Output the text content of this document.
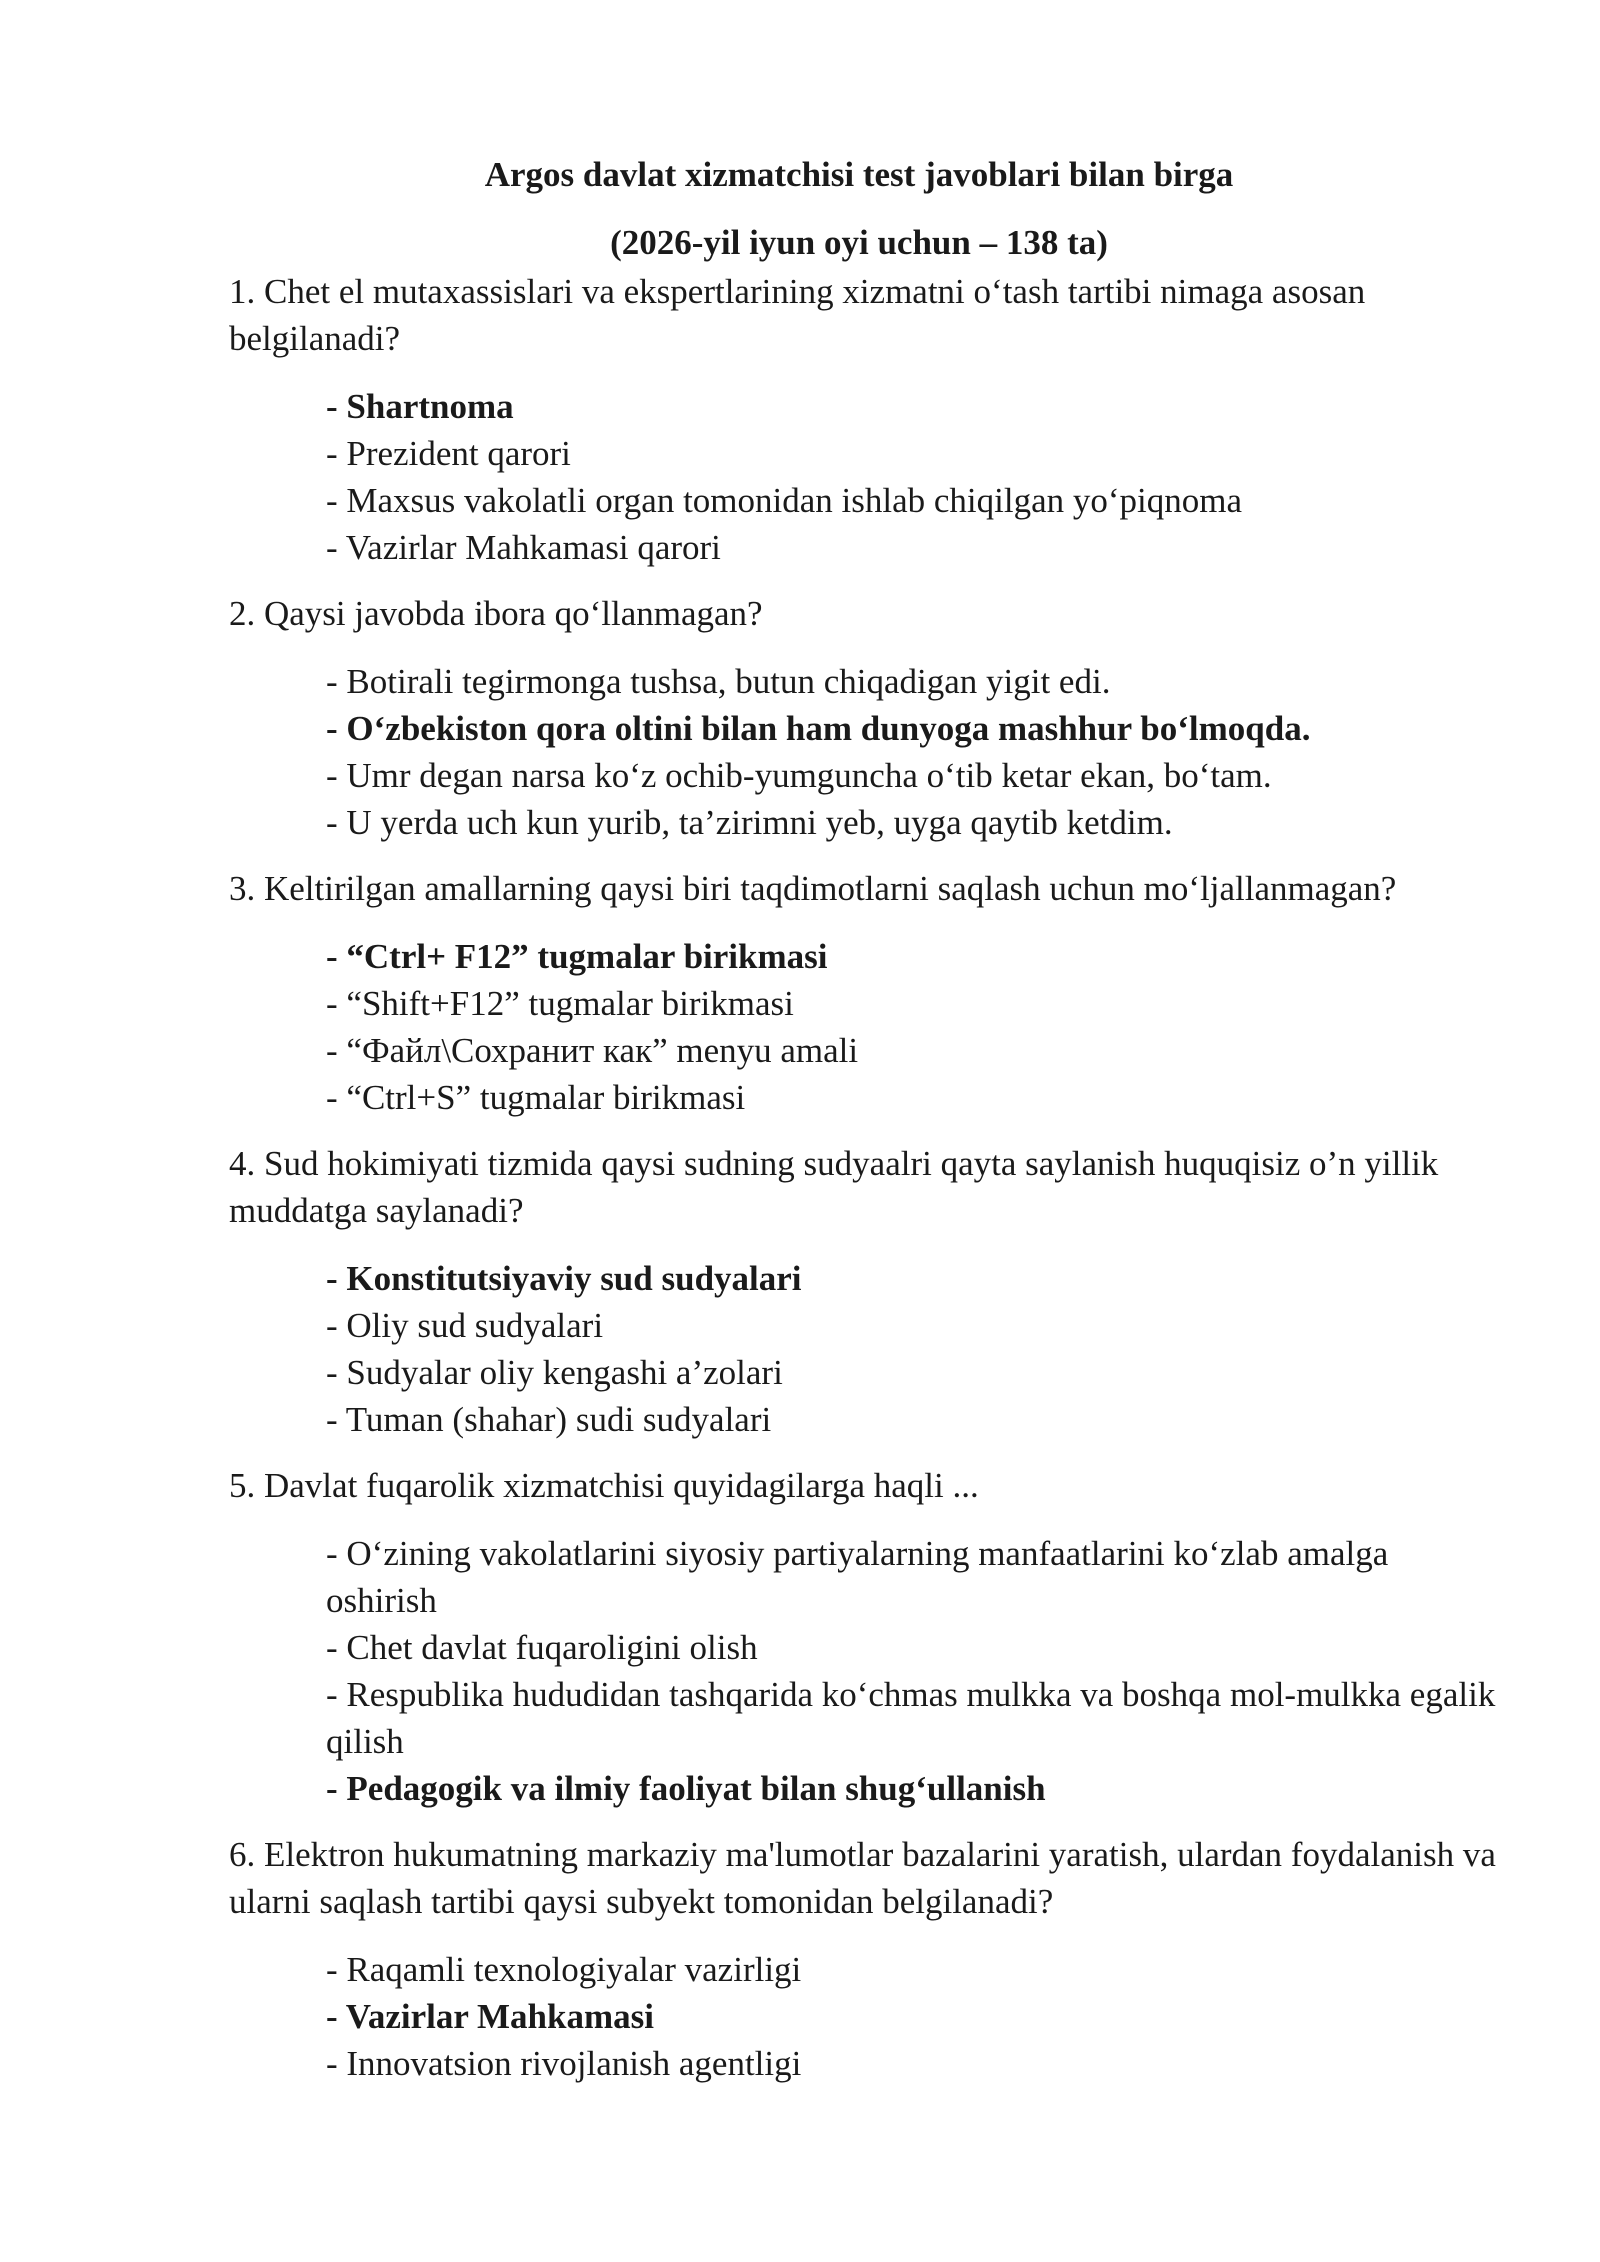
Argos davlat xizmatchisi test javoblari bilan birga

(2026-yil iyun oyi uchun – 138 ta)

1. Chet el mutaxassislari va ekspertlarining xizmatni o‘tash tartibi nimaga asosan belgilanadi?

- Shartnoma
- Prezident qarori
- Maxsus vakolatli organ tomonidan ishlab chiqilgan yo‘piqnoma
- Vazirlar Mahkamasi qarori

2. Qaysi javobda ibora qo‘llanmagan?

- Botirali tegirmonga tushsa, butun chiqadigan yigit edi.
- O‘zbekiston qora oltini bilan ham dunyoga mashhur bo‘lmoqda.
- Umr degan narsa ko‘z ochib-yumguncha o‘tib ketar ekan, bo‘tam.
- U yerda uch kun yurib, ta’zirimni yeb, uyga qaytib ketdim.

3. Keltirilgan amallarning qaysi biri taqdimotlarni saqlash uchun mo‘ljallanmagan?

- “Ctrl+ F12” tugmalar birikmasi
- “Shift+F12” tugmalar birikmasi
- “Файл\Сохранит как” menyu amali
- “Ctrl+S” tugmalar birikmasi

4. Sud hokimiyati tizmida qaysi sudning sudyaalri qayta saylanish huquqisiz o’n yillik muddatga saylanadi?

- Konstitutsiyaviy sud sudyalari
- Oliy sud sudyalari
- Sudyalar oliy kengashi a’zolari
- Tuman (shahar) sudi sudyalari

5. Davlat fuqarolik xizmatchisi quyidagilarga haqli ...

- O‘zining vakolatlarini siyosiy partiyalarning manfaatlarini ko‘zlab amalga oshirish
- Chet davlat fuqaroligini olish
- Respublika hududidan tashqarida ko‘chmas mulkka va boshqa mol-mulkka egalik qilish
- Pedagogik va ilmiy faoliyat bilan shug‘ullanish

6. Elektron hukumatning markaziy ma'lumotlar bazalarini yaratish, ulardan foydalanish va ularni saqlash tartibi qaysi subyekt tomonidan belgilanadi?

- Raqamli texnologiyalar vazirligi
- Vazirlar Mahkamasi
- Innovatsion rivojlanish agentligi
